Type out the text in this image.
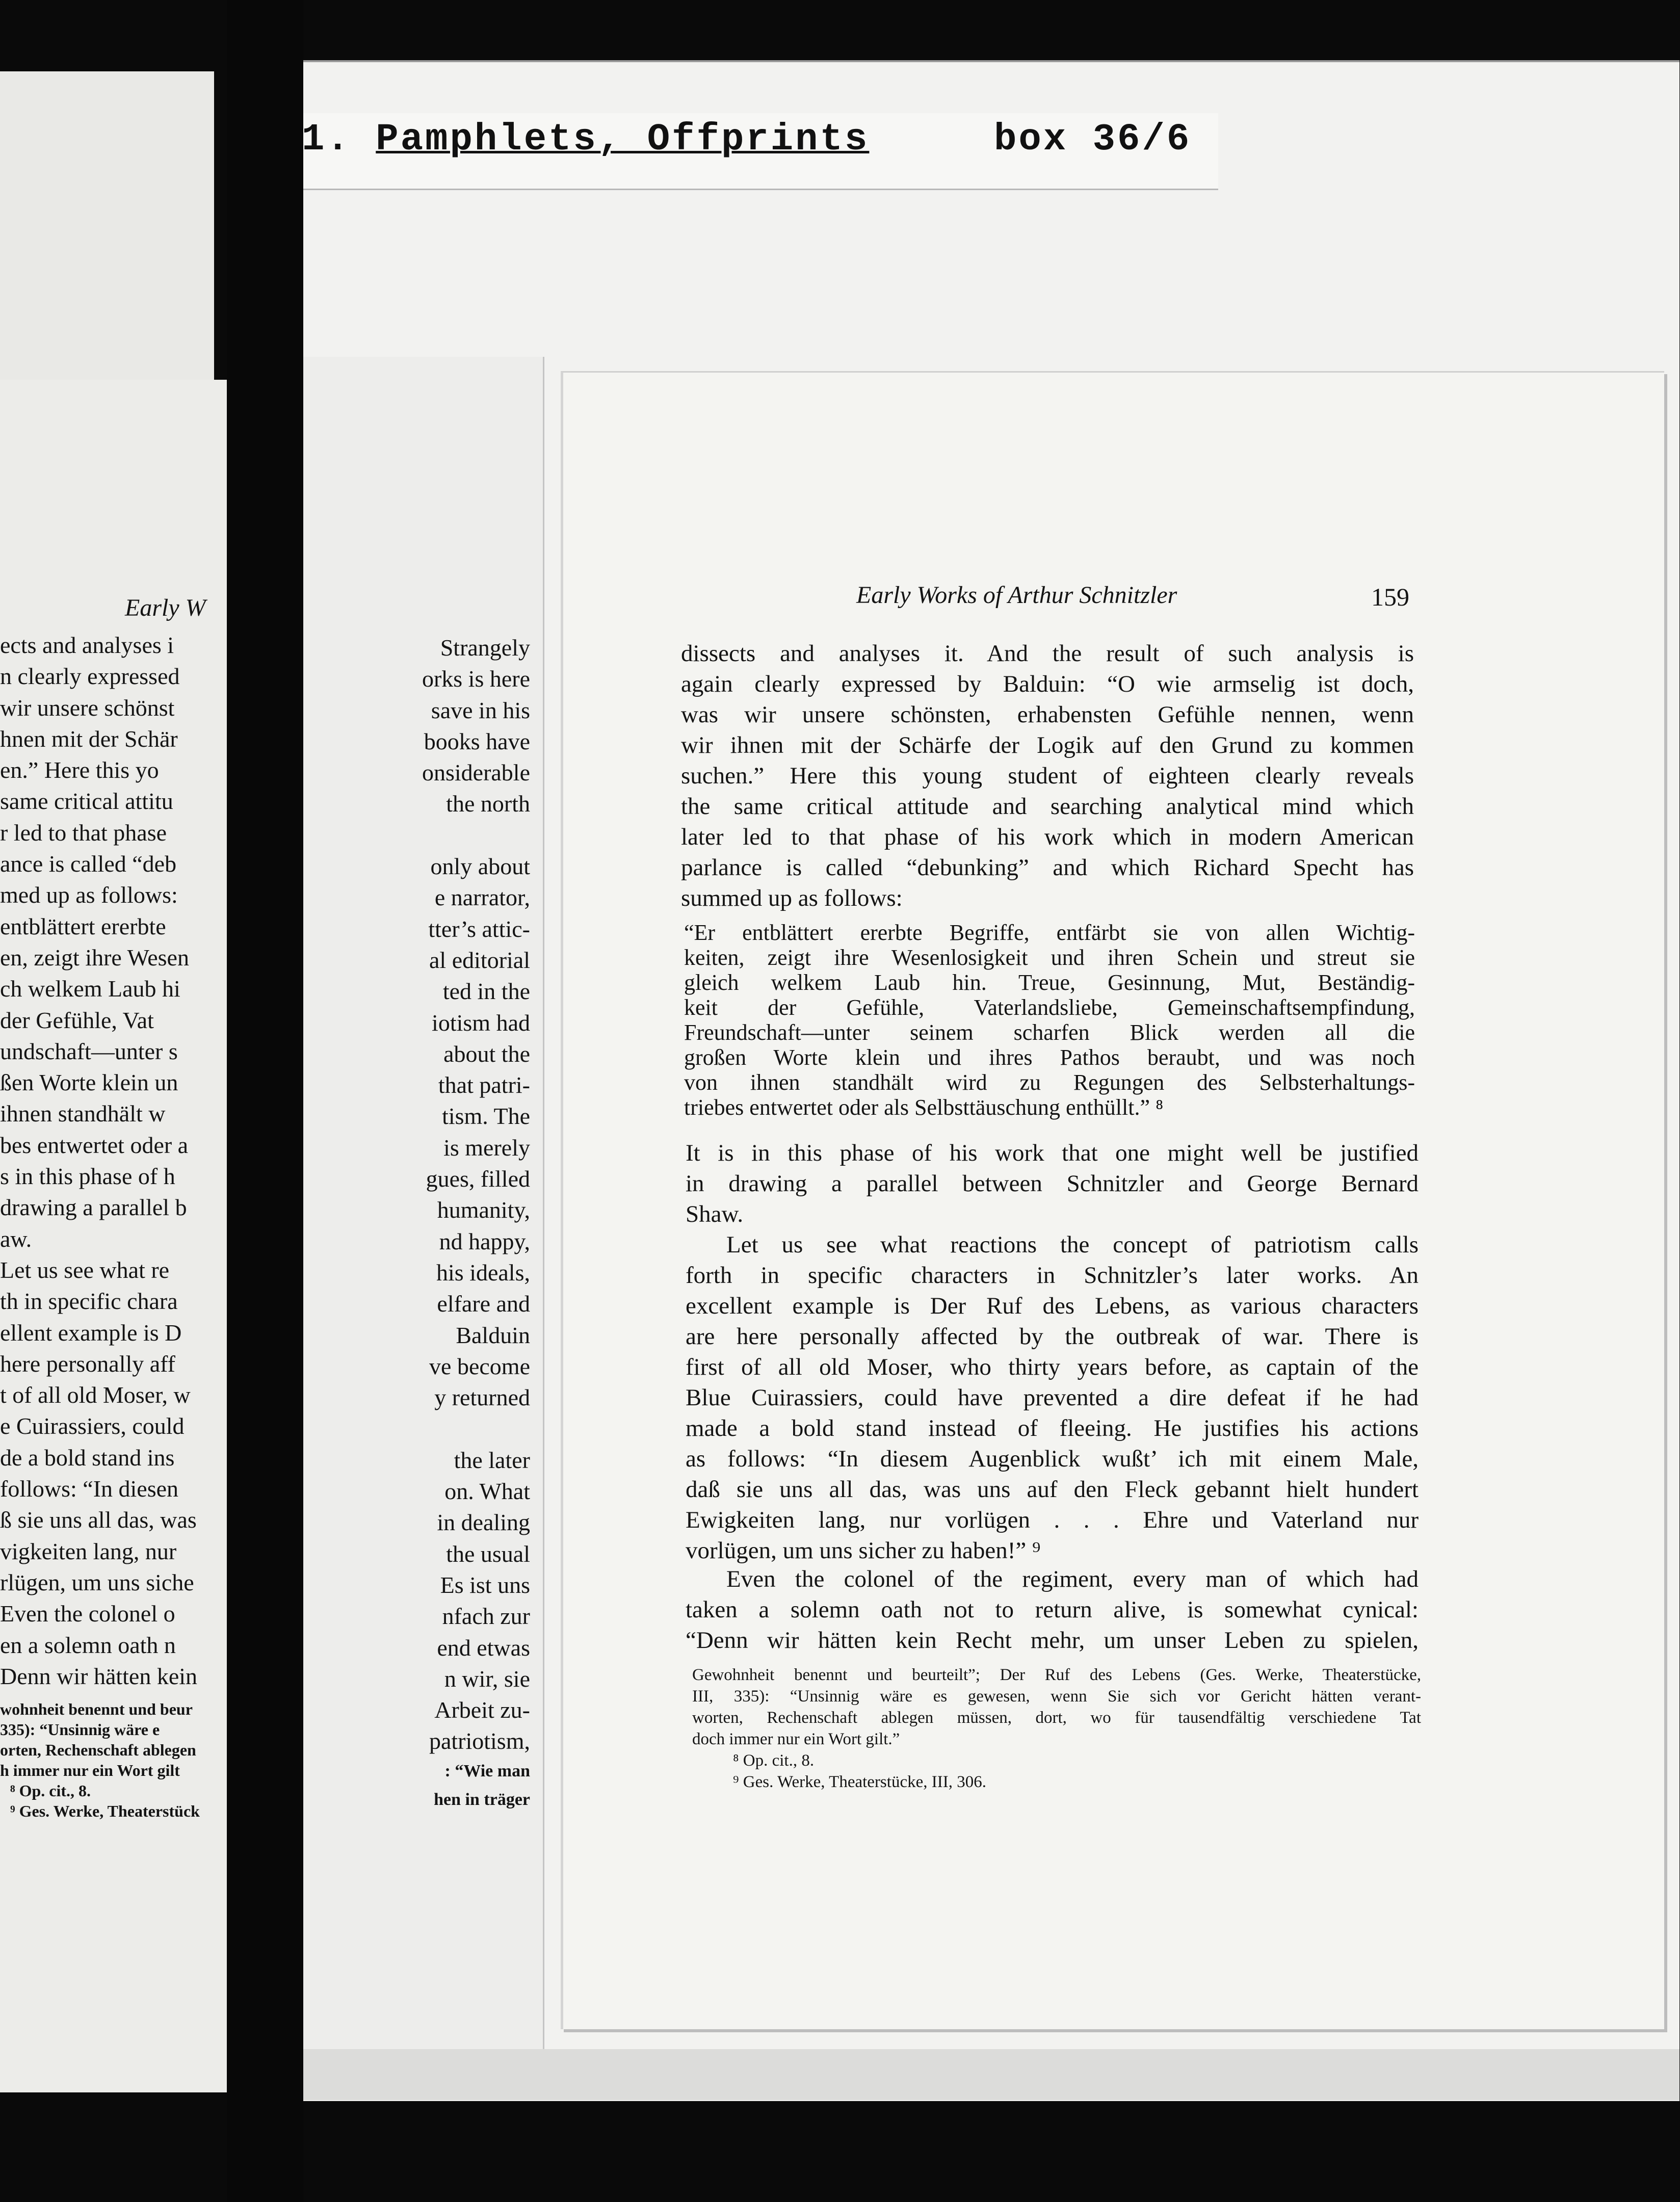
Early W

ects and analyses i

n clearly expressed

wir unsere schönst

hnen mit der Schär

en.” Here this yo

same critical attitu

r led to that phase

ance is called “deb

med up as follows:

entblättert ererbte

en, zeigt ihre Wesen

ch welkem Laub hi

der Gefühle, Vat

undschaft—unter s

ßen Worte klein un

ihnen standhält w

bes entwertet oder a

s in this phase of h

drawing a parallel b

aw.

Let us see what re

th in specific chara

ellent example is D

here personally aff

t of all old Moser, w

e Cuirassiers, could

de a bold stand ins

follows: “In diesen

ß sie uns all das, was

vigkeiten lang, nur

rlügen, um uns siche

Even the colonel o

en a solemn oath n

Denn wir hätten kein

wohnheit benennt und beur

335): “Unsinnig wäre e

orten, Rechenschaft ablegen

h immer nur ein Wort gilt

⁸ Op. cit., 8.

⁹ Ges. Werke, Theaterstück

1. Pamphlets, Offprints	box 36/6

Strangely

orks is here

save in his

books have

onsiderable

the north

only about

e narrator,

tter’s attic-

al editorial

ted in the

iotism had

about the

that patri-

tism. The

is merely

gues, filled

humanity,

nd happy,

his ideals,

elfare and

Balduin

ve become

y returned

the later

on. What

in dealing

the usual

Es ist uns

nfach zur

end etwas

n wir, sie

Arbeit zu-

patriotism,

: “Wie man

hen in träger

Early Works of Arthur Schnitzler	159

dissects and analyses it. And the result of such analysis is

again clearly expressed by Balduin: “O wie armselig ist doch,

was wir unsere schönsten, erhabensten Gefühle nennen, wenn

wir ihnen mit der Schärfe der Logik auf den Grund zu kommen

suchen.” Here this young student of eighteen clearly reveals

the same critical attitude and searching analytical mind which

later led to that phase of his work which in modern American

parlance is called “debunking” and which Richard Specht has

summed up as follows:

“Er entblättert ererbte Begriffe, entfärbt sie von allen Wichtig-

keiten, zeigt ihre Wesenlosigkeit und ihren Schein und streut sie

gleich welkem Laub hin. Treue, Gesinnung, Mut, Beständig-

keit der Gefühle, Vaterlandsliebe, Gemeinschaftsempfindung,

Freundschaft—unter seinem scharfen Blick werden all die

großen Worte klein und ihres Pathos beraubt, und was noch

von ihnen standhält wird zu Regungen des Selbsterhaltungs-

triebes entwertet oder als Selbsttäuschung enthüllt.” ⁸

It is in this phase of his work that one might well be justified

in drawing a parallel between Schnitzler and George Bernard

Shaw.

Let us see what reactions the concept of patriotism calls

forth in specific characters in Schnitzler’s later works. An

excellent example is Der Ruf des Lebens, as various characters

are here personally affected by the outbreak of war. There is

first of all old Moser, who thirty years before, as captain of the

Blue Cuirassiers, could have prevented a dire defeat if he had

made a bold stand instead of fleeing. He justifies his actions

as follows: “In diesem Augenblick wußt’ ich mit einem Male,

daß sie uns all das, was uns auf den Fleck gebannt hielt hundert

Ewigkeiten lang, nur vorlügen . . . Ehre und Vaterland nur

vorlügen, um uns sicher zu haben!” ⁹

Even the colonel of the regiment, every man of which had

taken a solemn oath not to return alive, is somewhat cynical:

“Denn wir hätten kein Recht mehr, um unser Leben zu spielen,

Gewohnheit benennt und beurteilt”; Der Ruf des Lebens (Ges. Werke, Theaterstücke,

III, 335): “Unsinnig wäre es gewesen, wenn Sie sich vor Gericht hätten verant-

worten, Rechenschaft ablegen müssen, dort, wo für tausendfältig verschiedene Tat

doch immer nur ein Wort gilt.”

⁸ Op. cit., 8.

⁹ Ges. Werke, Theaterstücke, III, 306.
